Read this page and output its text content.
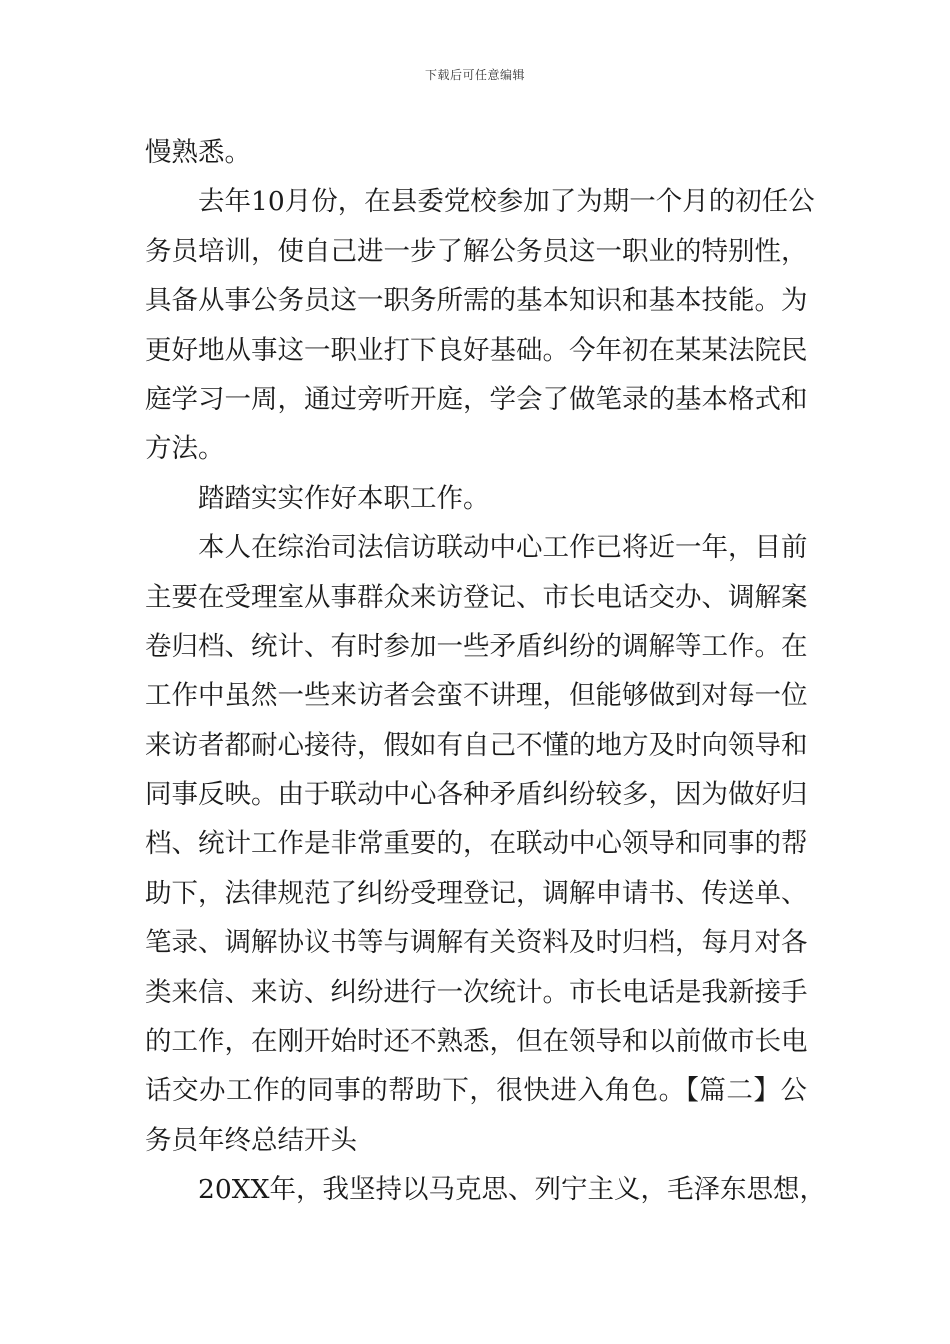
下载后可任意编辑
慢熟悉。
去年10月份，在县委党校参加了为期一个月的初任公
务员培训，使自己进一步了解公务员这一职业的特别性，
具备从事公务员这一职务所需的基本知识和基本技能。为
更好地从事这一职业打下良好基础。今年初在某某法院民
庭学习一周，通过旁听开庭，学会了做笔录的基本格式和
方法。
踏踏实实作好本职工作。
本人在综治司法信访联动中心工作已将近一年，目前
主要在受理室从事群众来访登记、市长电话交办、调解案
卷归档、统计、有时参加一些矛盾纠纷的调解等工作。在
工作中虽然一些来访者会蛮不讲理，但能够做到对每一位
来访者都耐心接待，假如有自己不懂的地方及时向领导和
同事反映。由于联动中心各种矛盾纠纷较多，因为做好归
档、统计工作是非常重要的，在联动中心领导和同事的帮
助下，法律规范了纠纷受理登记，调解申请书、传送单、
笔录、调解协议书等与调解有关资料及时归档，每月对各
类来信、来访、纠纷进行一次统计。市长电话是我新接手
的工作，在刚开始时还不熟悉，但在领导和以前做市长电
话交办工作的同事的帮助下，很快进入角色。【篇二】公
务员年终总结开头
20XX年，我坚持以马克思、列宁主义，毛泽东思想，
